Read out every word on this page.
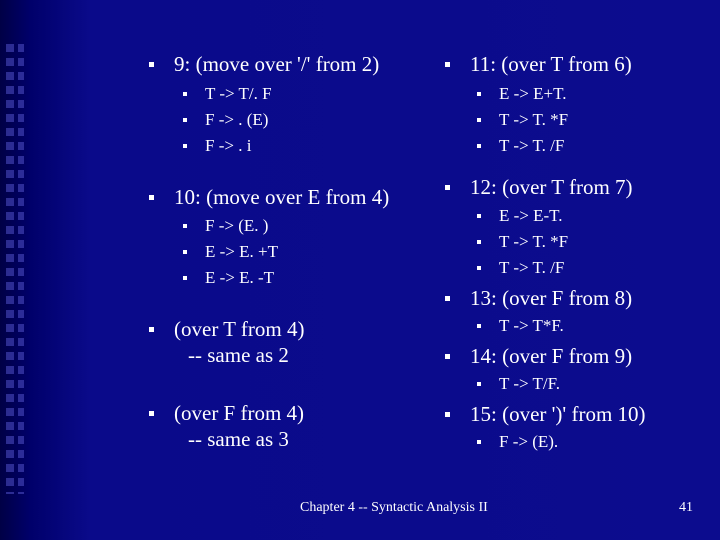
9: (move over '/' from 2)
T -> T/. F
F -> . (E)
F -> . i
10: (move over E from 4)
F -> (E. )
E -> E. +T
E -> E. -T
(over T from 4)
-- same as 2
(over F from 4)
-- same as 3
11: (over T from 6)
E -> E+T.
T -> T. *F
T -> T. /F
12: (over T from 7)
E -> E-T.
T -> T. *F
T -> T. /F
13: (over F from 8)
T -> T*F.
14: (over F from 9)
T -> T/F.
15: (over ')' from 10)
F -> (E).
Chapter 4 -- Syntactic Analysis II	41
